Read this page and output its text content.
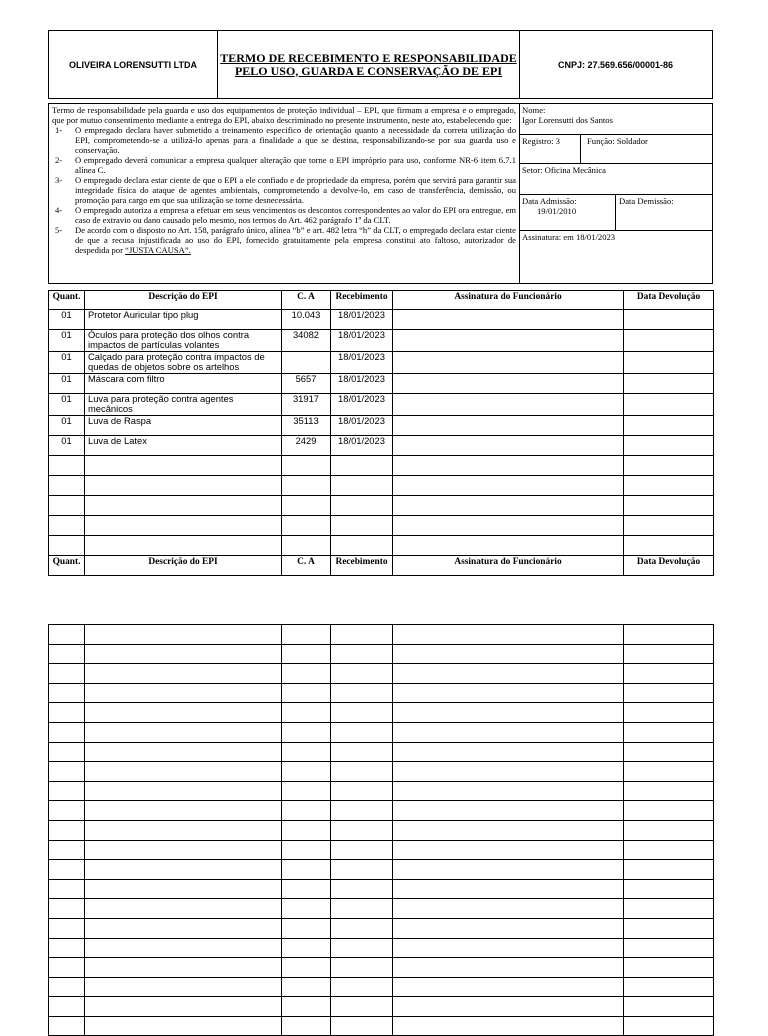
OLIVEIRA LORENSUTTI LTDA TERMO DE RECEBIMENTO E RESPONSABILIDADE
PELO USO, GUARDA E CONSERVAÇÃO DE EPI	CNPJ: 27.569.656/00001-86

Termo de responsabilidade pela guarda e uso dos equipamentos de proteção individual – EPI, que firmam a empresa e o empregado, que por mutuo consentimento mediante a entrega do EPI, abaixo descriminado no presente instrumento, neste ato, estabelecendo que:

1-	O empregado declara haver submetido a treinamento especifico de orientação quanto a necessidade da correta utilização do EPI, comprometendo-se a utilizá-lo apenas para a finalidade a que se destina, responsabilizando-se por sua guarda uso e conservação.
2-	O empregado deverá comunicar a empresa qualquer alteração que torne o EPI impróprio para uso, conforme NR-6 item 6.7.1 alínea C.
3-	O empregado declara estar ciente de que o EPI a ele confiado e de propriedade da empresa, porém que servirá para garantir sua integridade física do ataque de agentes ambientais, comprometendo a devolve-lo, em caso de transferência, demissão, ou promoção para cargo em que sua utilização se torne desnecessária.
4-	O empregado autoriza a empresa a efetuar em seus vencimentos os descontos correspondentes ao valor do EPI ora entregue, em caso de extravio ou dano causado pelo mesmo, nos termos do Art. 462 parágrafo 1º da CLT.
5-	De acordo com o disposto no Art. 158, parágrafo único, alínea “b” e art. 482 letra “h” da CLT, o empregado declara estar ciente de que a recusa injustificada ao uso do EPI, fornecido gratuitamente pela empresa constitui ato faltoso, autorizador de despedida por “JUSTA CAUSA”.
Nome:
Igor Lorensutti dos Santos
Registro: 3	Função: Soldador
Setor: Oficina Mecânica
Data Admissão:
19/01/2010
Data Demissão:
Assinatura: em 18/01/2023
Quant.	Descrição do EPI	C. A	Recebimento	Assinatura do Funcionário	Data Devolução
01	Protetor Auricular tipo plug	10.043	18/01/2023		
01	Óculos para proteção dos olhos contra impactos de partículas volantes	34082	18/01/2023		
01	Calçado para proteção contra impactos de quedas de objetos sobre os artelhos		18/01/2023		
01	Máscara com filtro	5657	18/01/2023		
01	Luva para proteção contra agentes mecânicos	31917	18/01/2023		
01	Luva de Raspa	35113	18/01/2023		
01	Luva de Latex	2429	18/01/2023		

Quant.	Descrição do EPI	C. A	Recebimento	Assinatura do Funcionário	Data Devolução
